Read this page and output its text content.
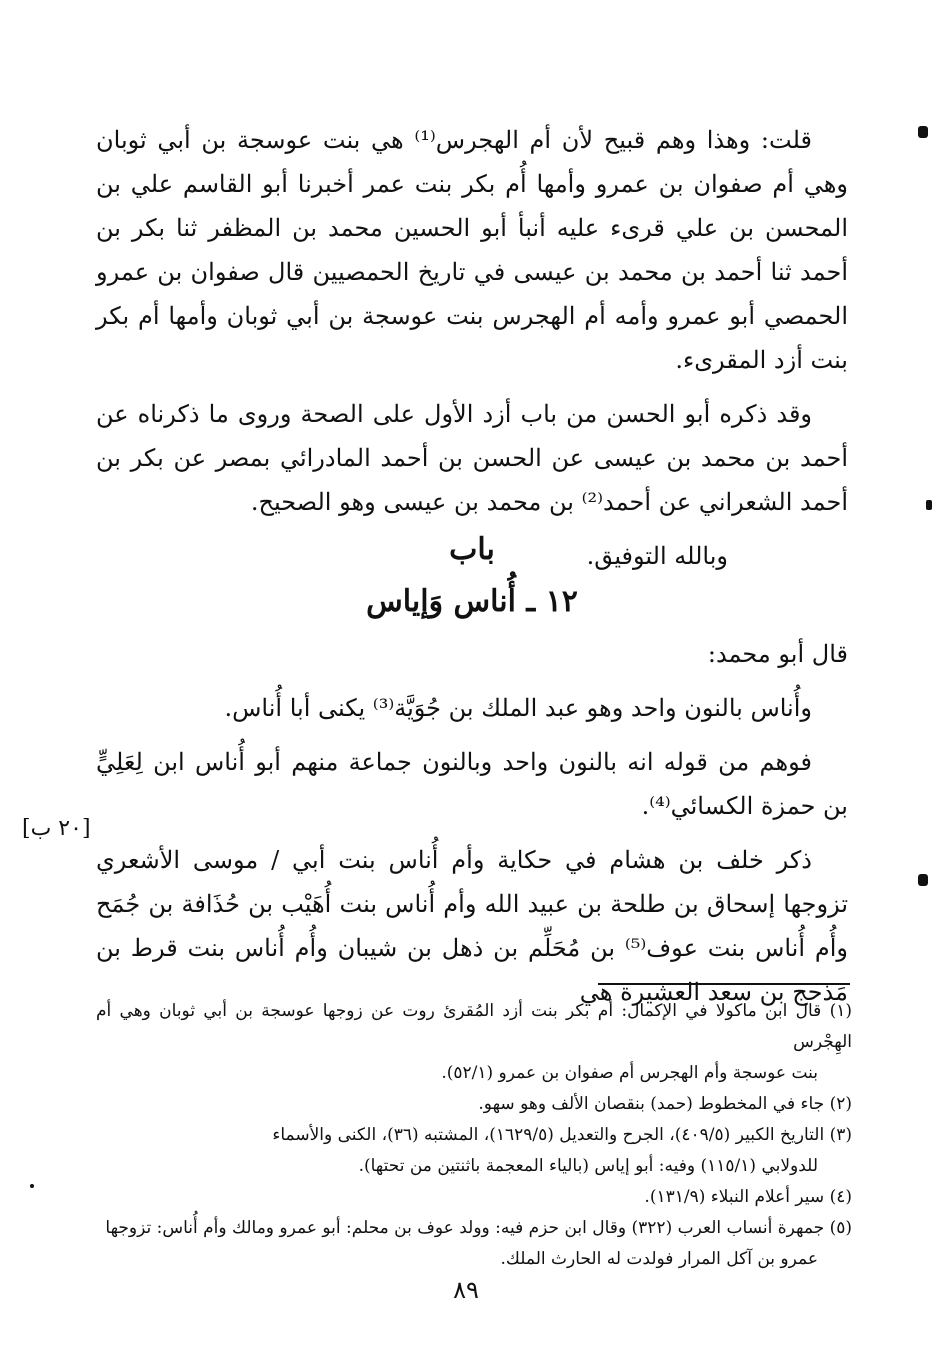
قلت: وهذا وهم قبيح لأن أم الهجرس⁽¹⁾ هي بنت عوسجة بن أبي ثوبان وهي أم صفوان بن عمرو وأمها أُم بكر بنت عمر أخبرنا أبو القاسم علي بن المحسن بن علي قرىء عليه أنبأ أبو الحسين محمد بن المظفر ثنا بكر بن أحمد ثنا أحمد بن محمد بن عيسى في تاريخ الحمصيين قال صفوان بن عمرو الحمصي أبو عمرو وأمه أم الهجرس بنت عوسجة بن أبي ثوبان وأمها أم بكر بنت أزد المقرىء.

وقد ذكره أبو الحسن من باب أزد الأول على الصحة وروى ما ذكرناه عن أحمد بن محمد بن عيسى عن الحسن بن أحمد المادرائي بمصر عن بكر بن أحمد الشعراني عن أحمد⁽²⁾ بن محمد بن عيسى وهو الصحيح.

وبالله التوفيق.

باب
١٢ ـ أُناس وَإياس

قال أبو محمد:

وأُناس بالنون واحد وهو عبد الملك بن جُوَيَّة⁽³⁾ يكنى أبا أُناس.

فوهم من قوله انه بالنون واحد وبالنون جماعة منهم أبو أُناس ابن لِعَلِيٍّ بن حمزة الكسائي⁽⁴⁾.

ذكر خلف بن هشام في حكاية وأم أُناس بنت أبي / موسى الأشعري تزوجها إسحاق بن طلحة بن عبيد الله وأم أُناس بنت أُهَيْب بن حُذَافة بن جُمَح وأُم أُناس بنت عوف⁽⁵⁾ بن مُحَلِّم بن ذهل بن شيبان وأُم أُناس بنت قرط بن مَذحج بن سعد العشيرة هي

[٢٠ ب]

(١) قال ابن ماكولا في الإكمال: أم بكر بنت أزد المُقرئ روت عن زوجها عوسجة بن أبي ثوبان وهي أم الهِجْرس
بنت عوسجة وأم الهجرس أم صفوان بن عمرو (٥٢/١).

(٢) جاء في المخطوط (حمد) بنقصان الألف وهو سهو.

(٣) التاريخ الكبير (٤٠٩/٥)، الجرح والتعديل (١٦٢٩/٥)، المشتبه (٣٦)، الكنى والأسماء
للدولابي (١١٥/١) وفيه: أبو إياس (بالياء المعجمة باثنتين من تحتها).

(٤) سير أعلام النبلاء (١٣١/٩).

(٥) جمهرة أنساب العرب (٣٢٢) وقال ابن حزم فيه: وولد عوف بن محلم: أبو عمرو ومالك وأم أُناس: تزوجها
عمرو بن آكل المرار فولدت له الحارث الملك.

٨٩
